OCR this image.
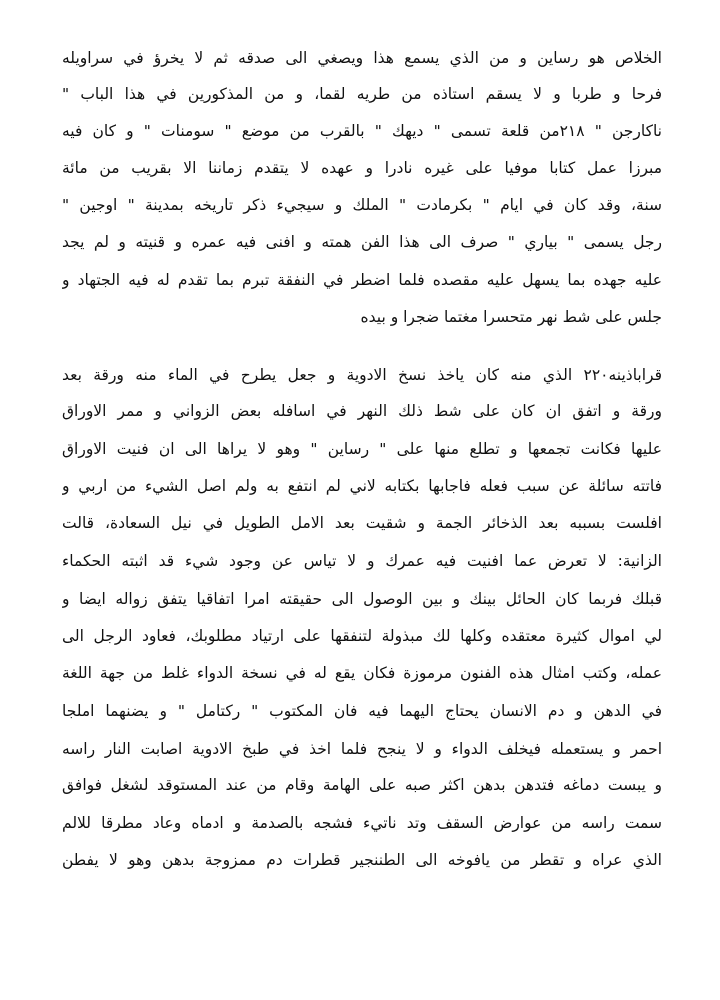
الخلاص هو رساين و من الذي يسمع هذا ويصغي الى صدقه ثم لا يخرؤ في سراويله
فرحا و طربا و لا يسقم استاذه من طريه لقما، و من المذكورين في هذا الباب "
ناكارجن " ٢١٨من قلعة تسمى " ديهك " بالقرب من موضع " سومنات " و كان فيه
مبرزا عمل كتابا موفيا على غيره نادرا و عهده لا يتقدم زماننا الا بقريب من مائة
سنة، وقد كان في ايام " بكرمادت " الملك و سيجيء ذكر تاريخه بمدينة " اوجين "
رجل يسمى " بياري " صرف الى هذا الفن همته و افنى فيه عمره و قنيته و لم يجد
عليه جهده بما يسهل عليه مقصده فلما اضطر في النفقة تبرم بما تقدم له فيه الجتهاد و
جلس على شط نهر متحسرا مغتما ضجرا و بيده
قراباذينه٢٢٠ الذي منه كان ياخذ نسخ الادوية و جعل يطرح في الماء منه ورقة بعد
ورقة و اتفق ان كان على شط ذلك النهر في اسافله بعض الزواني و ممر الاوراق
عليها فكانت تجمعها و تطلع منها على " رساين " وهو لا يراها الى ان فنيت الاوراق
فاتته سائلة عن سبب فعله فاجابها بكتابه لاني لم انتفع به ولم اصل الشيء من اربي و
افلست بسببه بعد الذخائر الجمة و شقيت بعد الامل الطويل في نيل السعادة، قالت
الزانية: لا تعرض عما افنيت فيه عمرك و لا تياس عن وجود شيء قد اثبته الحكماء
قبلك فربما كان الحائل بينك و بين الوصول الى حقيقته امرا اتفاقيا يتفق زواله ايضا و
لي اموال كثيرة معتقده وكلها لك مبذولة لتنفقها على ارتياد مطلوبك، فعاود الرجل الى
عمله، وكتب امثال هذه الفنون مرموزة فكان يقع له في نسخة الدواء غلط من جهة اللغة
في الدهن و دم الانسان يحتاج اليهما فيه فان المكتوب " ركتامل " و يضنهما املجا
احمر و يستعمله فيخلف الدواء و لا ينجح فلما اخذ في طبخ الادوية اصابت النار راسه
و يبست دماغه فتدهن بدهن اكثر صبه على الهامة وقام من عند المستوقد لشغل فوافق
سمت راسه من عوارض السقف وتد ناتيء فشجه بالصدمة و ادماه وعاد مطرقا للالم
الذي عراه و تقطر من يافوخه الى الطننجير قطرات دم ممزوجة بدهن وهو لا يفطن
